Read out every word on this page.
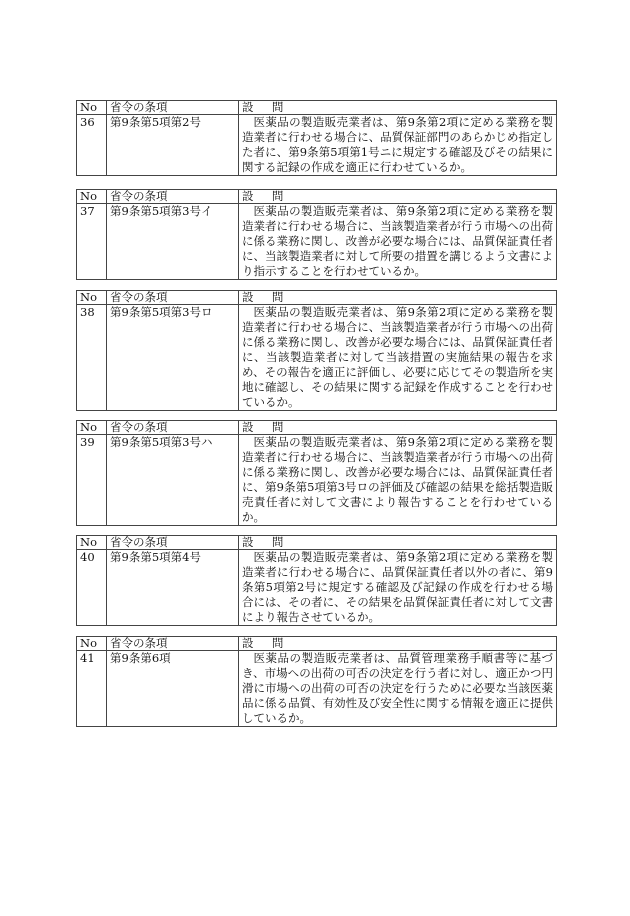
No	省令の条項	設　問
36	第9条第5項第2号	医薬品の製造販売業者は、第9条第2項に定める業務を製造業者に行わせる場合に、品質保証部門のあらかじめ指定した者に、第9条第5項第1号ニに規定する確認及びその結果に関する記録の作成を適正に行わせているか。
No	省令の条項	設　問
37	第9条第5項第3号イ	医薬品の製造販売業者は、第9条第2項に定める業務を製造業者に行わせる場合に、当該製造業者が行う市場への出荷に係る業務に関し、改善が必要な場合には、品質保証責任者に、当該製造業者に対して所要の措置を講じるよう文書により指示することを行わせているか。
No	省令の条項	設　問
38	第9条第5項第3号ロ	医薬品の製造販売業者は、第9条第2項に定める業務を製造業者に行わせる場合に、当該製造業者が行う市場への出荷に係る業務に関し、改善が必要な場合には、品質保証責任者に、当該製造業者に対して当該措置の実施結果の報告を求め、その報告を適正に評価し、必要に応じてその製造所を実地に確認し、その結果に関する記録を作成することを行わせているか。
No	省令の条項	設　問
39	第9条第5項第3号ハ	医薬品の製造販売業者は、第9条第2項に定める業務を製造業者に行わせる場合に、当該製造業者が行う市場への出荷に係る業務に関し、改善が必要な場合には、品質保証責任者に、第9条第5項第3号ロの評価及び確認の結果を総括製造販売責任者に対して文書により報告することを行わせているか。
No	省令の条項	設　問
40	第9条第5項第4号	医薬品の製造販売業者は、第9条第2項に定める業務を製造業者に行わせる場合に、品質保証責任者以外の者に、第9条第5項第2号に規定する確認及び記録の作成を行わせる場合には、その者に、その結果を品質保証責任者に対して文書により報告させているか。
No	省令の条項	設　問
41	第9条第6項	医薬品の製造販売業者は、品質管理業務手順書等に基づき、市場への出荷の可否の決定を行う者に対し、適正かつ円滑に市場への出荷の可否の決定を行うために必要な当該医薬品に係る品質、有効性及び安全性に関する情報を適正に提供しているか。
